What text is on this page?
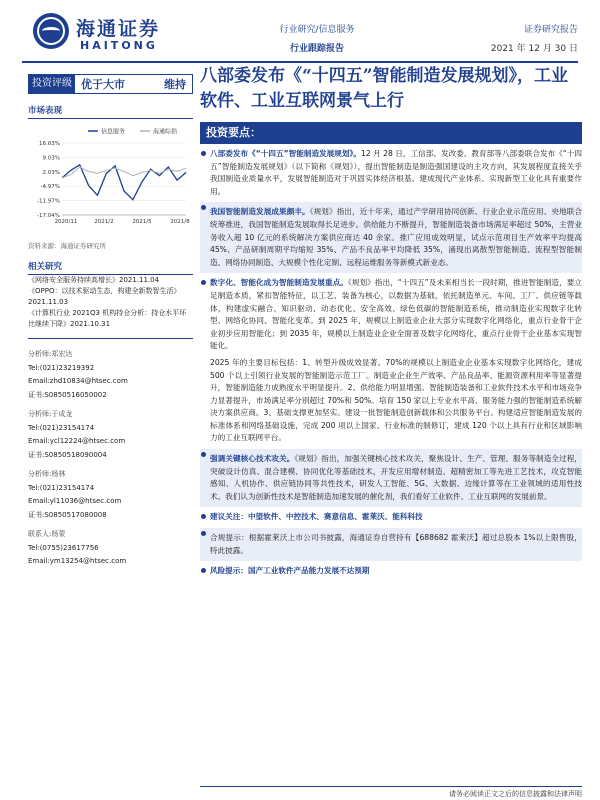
海通证券
HAITONG
行业研究/信息服务
行业跟踪报告
证券研究报告
2021 年 12 月 30 日
投资评级 优于大市	维持
市场表现
信息服务	海通综指
16.03%
9.03%
2.03%
-4.97%
-11.97%
-17.04%
2020/11	2021/2	2021/5	2021/8
资料来源：海通证券研究所
相关研究
《网络安全服务持续高增长》2021.11.04
《OPPO：以技术驱动生态，构建全新数智生活》2021.11.03
《计算机行业 2021Q3 机构持仓分析：持仓水平环比继续下降》2021.10.31
分析师:郑宏达
Tel:(021)23219392
Email:zhd10834@htsec.com
证书:S0850516050002
分析师:于成龙
Tel:(021)23154174
Email:ycl12224@htsec.com
证书:S0850518090004
分析师:杨林
Tel:(021)23154174
Email:yl11036@htsec.com
证书:S0850517080008
联系人:杨蒙
Tel:(0755)23617756
Email:ym13254@htsec.com
八部委发布《“十四五”智能制造发展规划》，工业软件、工业互联网景气上行
投资要点：
八部委发布《“十四五”智能制造发展规划》。12 月 28 日，工信部、发改委、教育部等八部委联合发布《“十四五”智能制造发展规划》（以下简称《规划》），提出智能制造是制造强国建设的主攻方向，其发展程度直接关乎我国制造业质量水平，发展智能制造对于巩固实体经济根基、建成现代产业体系、实现新型工业化具有重要作用。
我国智能制造发展成果颇丰。《规划》指出，近十年来，通过产学研用协同创新、行业企业示范应用、央地联合统筹推进，我国智能制造发展取得长足进步。供给能力不断提升，智能制造装备市场满足率超过 50%，主营业务收入超 10 亿元的系统解决方案供应商达 40 余家。推广应用成效明显，试点示范项目生产效率平均提高 45%、产品研制周期平均缩短 35%、产品不良品率平均降低 35%，涌现出离散型智能制造、流程型智能制造、网络协同制造、大规模个性化定制、远程运维服务等新模式新业态。
数字化、智能化成为智能制造发展重点。《规划》指出，“十四五”及未来相当长一段时期，推进智能制造，要立足制造本质，紧扣智能特征，以工艺、装备为核心，以数据为基础，依托制造单元、车间、工厂、供应链等载体，构建虚实融合、知识驱动、动态优化、安全高效、绿色低碳的智能制造系统，推动制造业实现数字化转型、网络化协同、智能化变革。到 2025 年，规模以上制造业企业大部分实现数字化网络化，重点行业骨干企业初步应用智能化；到 2035 年，规模以上制造业企业全面普及数字化网络化，重点行业骨干企业基本实现智能化。
2025 年的主要目标包括：1、转型升级成效显著。70%的规模以上制造业企业基本实现数字化网络化，建成 500 个以上引领行业发展的智能制造示范工厂。制造业企业生产效率、产品良品率、能源资源利用率等显著提升，智能制造能力成熟度水平明显提升。2、供给能力明显增强。智能制造装备和工业软件技术水平和市场竞争力显著提升，市场满足率分别超过 70%和 50%。培育 150 家以上专业水平高、服务能力强的智能制造系统解决方案供应商。3、基础支撑更加坚实。建设一批智能制造创新载体和公共服务平台。构建适应智能制造发展的标准体系和网络基础设施，完成 200 项以上国家、行业标准的制修订，建成 120 个以上具有行业和区域影响力的工业互联网平台。
强调关键核心技术攻关。《规划》指出，加强关键核心技术攻关，聚焦设计、生产、管理、服务等制造全过程，突破设计仿真、混合建模、协同优化等基础技术，开发应用增材制造、超精密加工等先进工艺技术，攻克智能感知、人机协作、供应链协同等共性技术，研发人工智能、5G、大数据、边缘计算等在工业领域的适用性技术。我们认为创新性技术是智能制造加速发展的催化剂，我们看好工业软件、工业互联网的发展前景。
建议关注：中望软件、中控技术、赛意信息、霍莱沃、能科科技
合规提示：根据霍莱沃上市公司书披露，海通证券自营持有【688682 霍莱沃】超过总股本 1%以上限售股，特此披露。
风险提示：国产工业软件产品能力发展不达预期
请务必阅读正文之后的信息披露和法律声明
